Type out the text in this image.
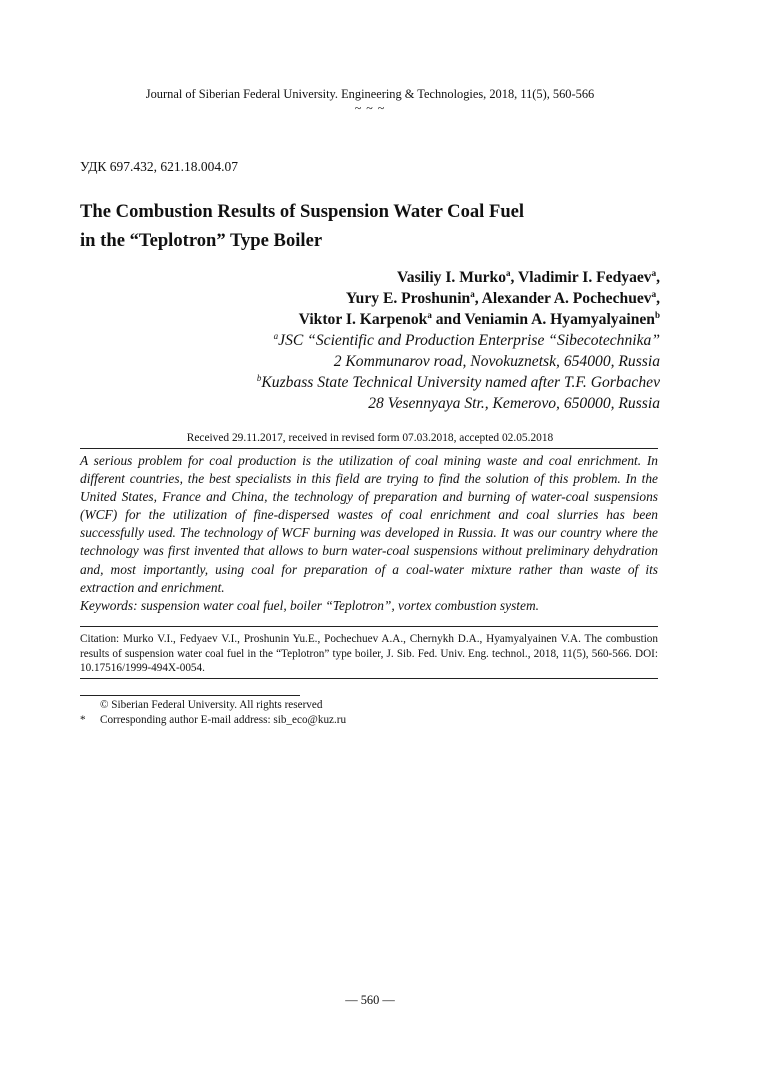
Journal of Siberian Federal University. Engineering & Technologies, 2018, 11(5), 560-566
~ ~ ~
УДК 697.432, 621.18.004.07
The Combustion Results of Suspension Water Coal Fuel
in the “Teplotron” Type Boiler
Vasiliy I. Murko$^a$, Vladimir I. Fedyaev$^a$,
Yury E. Proshunin$^a$, Alexander A. Pochechuev$^a$,
Viktor I. Karpenok$^a$ and Veniamin A. Hyamyalyainen$^b$
$^a$JSC “Scientific and Production Enterprise “Sibecotechnika”
2 Kommunarov road, Novokuznetsk, 654000, Russia
$^b$Kuzbass State Technical University named after T.F. Gorbachev
28 Vesennyaya Str., Kemerovo, 650000, Russia
Received 29.11.2017, received in revised form 07.03.2018, accepted 02.05.2018

A serious problem for coal production is the utilization of coal mining waste and coal enrichment. In different countries, the best specialists in this field are trying to find the solution of this problem. In the United States, France and China, the technology of preparation and burning of water-coal suspensions (WCF) for the utilization of fine-dispersed wastes of coal enrichment and coal slurries has been successfully used. The technology of WCF burning was developed in Russia. It was our country where the technology was first invented that allows to burn water-coal suspensions without preliminary dehydration and, most importantly, using coal for preparation of a coal-water mixture rather than waste of its extraction and enrichment.

Keywords: suspension water coal fuel, boiler “Teplotron”, vortex combustion system.

Citation: Murko V.I., Fedyaev V.I., Proshunin Yu.E., Pochechuev A.A., Chernykh D.A., Hyamyalyainen V.A. The combustion results of suspension water coal fuel in the “Teplotron” type boiler, J. Sib. Fed. Univ. Eng. technol., 2018, 11(5), 560-566. DOI: 10.17516/1999-494X-0054.

© Siberian Federal University. All rights reserved
* Corresponding author E-mail address: sib_eco@kuz.ru
— 560 —
